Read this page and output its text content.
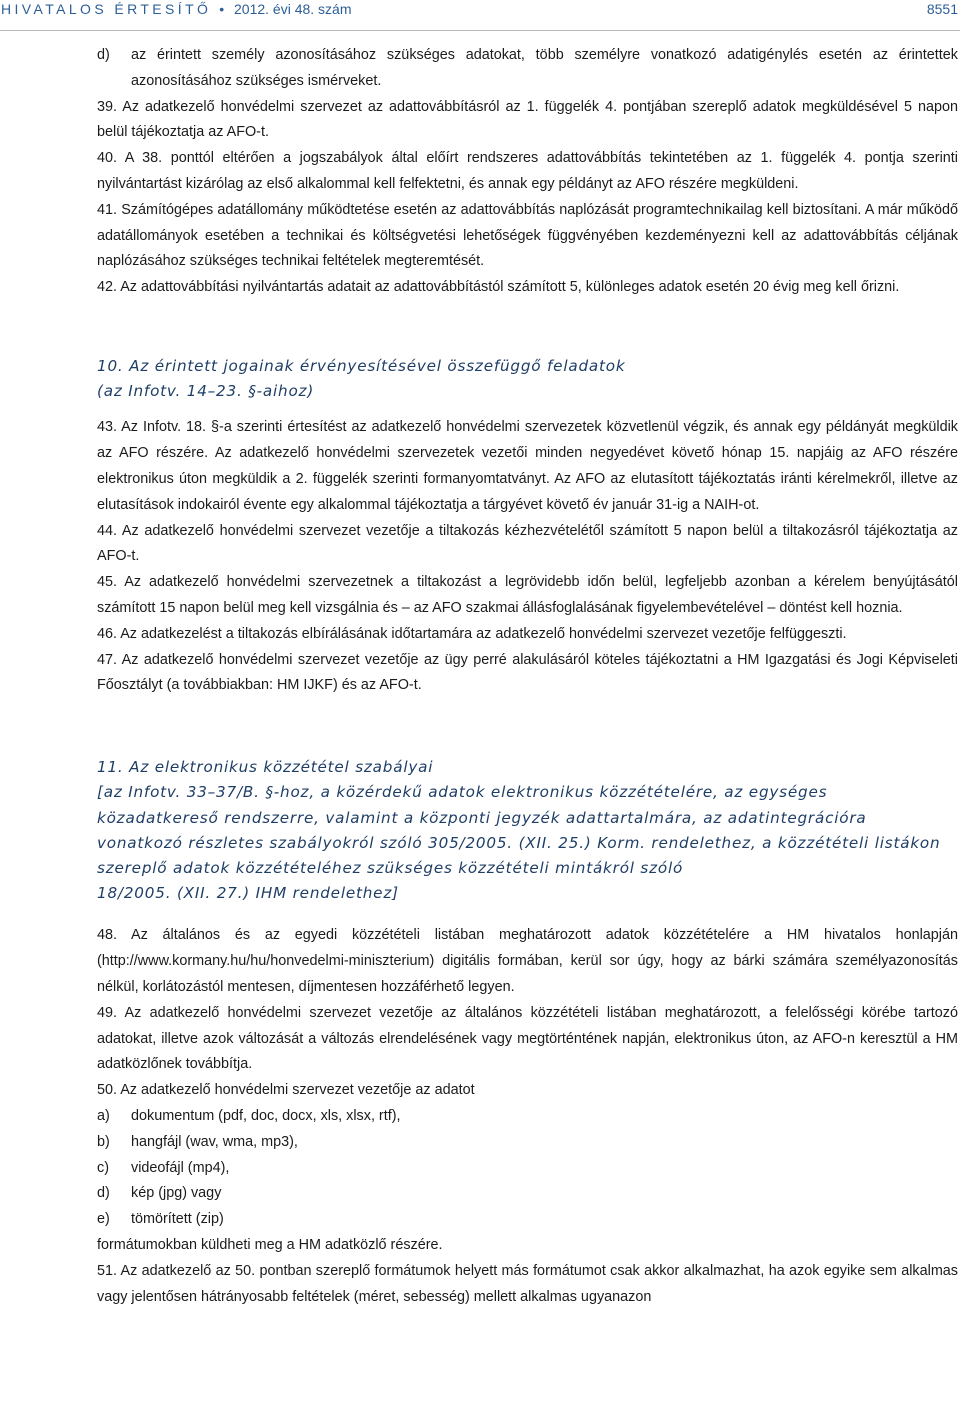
HIVATALOS ÉRTESÍTŐ • 2012. évi 48. szám	8551
d)	az érintett személy azonosításához szükséges adatokat, több személyre vonatkozó adatigénylés esetén az érintettek azonosításához szükséges ismérveket.

39. Az adatkezelő honvédelmi szervezet az adattovábbításról az 1. függelék 4. pontjában szereplő adatok megküldésével 5 napon belül tájékoztatja az AFO-t.

40. A 38. ponttól eltérően a jogszabályok által előírt rendszeres adattovábbítás tekintetében az 1. függelék 4. pontja szerinti nyilvántartást kizárólag az első alkalommal kell felfektetni, és annak egy példányt az AFO részére megküldeni.

41. Számítógépes adatállomány működtetése esetén az adattovábbítás naplózását programtechnikailag kell biztosítani. A már működő adatállományok esetében a technikai és költségvetési lehetőségek függvényében kezdeményezni kell az adattovábbítás céljának naplózásához szükséges technikai feltételek megteremtését.

42. Az adattovábbítási nyilvántartás adatait az adattovábbítástól számított 5, különleges adatok esetén 20 évig meg kell őrizni.

10. Az érintett jogainak érvényesítésével összefüggő feladatok
(az Infotv. 14–23. §-aihoz)

43. Az Infotv. 18. §-a szerinti értesítést az adatkezelő honvédelmi szervezetek közvetlenül végzik, és annak egy példányát megküldik az AFO részére. Az adatkezelő honvédelmi szervezetek vezetői minden negyedévet követő hónap 15. napjáig az AFO részére elektronikus úton megküldik a 2. függelék szerinti formanyomtatványt. Az AFO az elutasított tájékoztatás iránti kérelmekről, illetve az elutasítások indokairól évente egy alkalommal tájékoztatja a tárgyévet követő év január 31-ig a NAIH-ot.

44. Az adatkezelő honvédelmi szervezet vezetője a tiltakozás kézhezvételétől számított 5 napon belül a tiltakozásról tájékoztatja az AFO-t.

45. Az adatkezelő honvédelmi szervezetnek a tiltakozást a legrövidebb időn belül, legfeljebb azonban a kérelem benyújtásától számított 15 napon belül meg kell vizsgálnia és – az AFO szakmai állásfoglalásának figyelembevételével – döntést kell hoznia.

46. Az adatkezelést a tiltakozás elbírálásának időtartamára az adatkezelő honvédelmi szervezet vezetője felfüggeszti.

47. Az adatkezelő honvédelmi szervezet vezetője az ügy perré alakulásáról köteles tájékoztatni a HM Igazgatási és Jogi Képviseleti Főosztályt (a továbbiakban: HM IJKF) és az AFO-t.

11. Az elektronikus közzététel szabályai
[az Infotv. 33–37/B. §-hoz, a közérdekű adatok elektronikus közzétételére, az egységes
közadatkereső rendszerre, valamint a központi jegyzék adattartalmára, az adatintegrációra
vonatkozó részletes szabályokról szóló 305/2005. (XII. 25.) Korm. rendelethez, a közzétételi listákon
szereplő adatok közzétételéhez szükséges közzétételi mintákról szóló
18/2005. (XII. 27.) IHM rendelethez]

48. Az általános és az egyedi közzétételi listában meghatározott adatok közzétételére a HM hivatalos honlapján (http://www.kormany.hu/hu/honvedelmi-miniszterium) digitális formában, kerül sor úgy, hogy az bárki számára személyazonosítás nélkül, korlátozástól mentesen, díjmentesen hozzáférhető legyen.

49. Az adatkezelő honvédelmi szervezet vezetője az általános közzétételi listában meghatározott, a felelősségi körébe tartozó adatokat, illetve azok változását a változás elrendelésének vagy megtörténtének napján, elektronikus úton, az AFO-n keresztül a HM adatközlőnek továbbítja.

50. Az adatkezelő honvédelmi szervezet vezetője az adatot

a)	dokumentum (pdf, doc, docx, xls, xlsx, rtf),
b)	hangfájl (wav, wma, mp3),
c)	videofájl (mp4),
d)	kép (jpg) vagy
e)	tömörített (zip)

formátumokban küldheti meg a HM adatközlő részére.

51. Az adatkezelő az 50. pontban szereplő formátumok helyett más formátumot csak akkor alkalmazhat, ha azok egyike sem alkalmas vagy jelentősen hátrányosabb feltételek (méret, sebesség) mellett alkalmas ugyanazon
